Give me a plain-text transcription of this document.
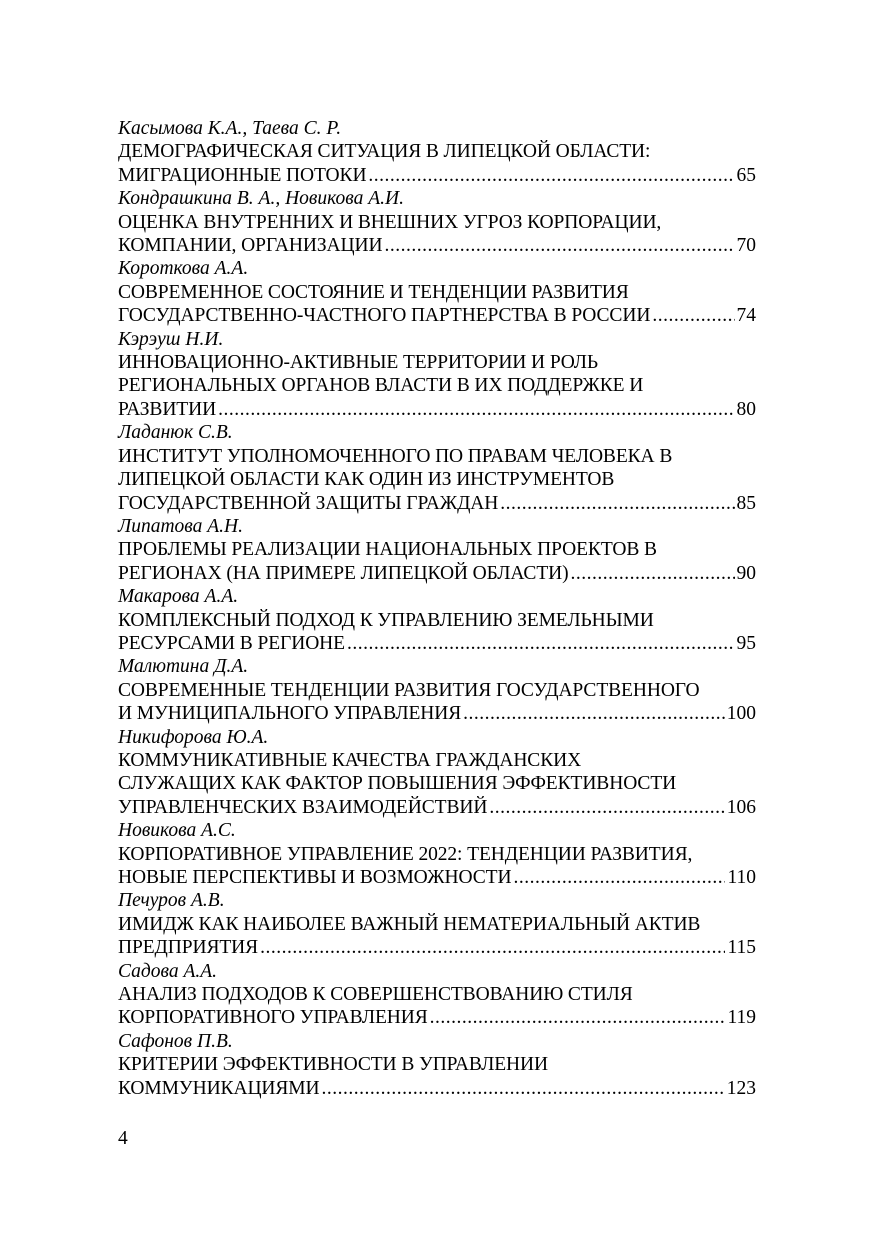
Касымова К.А., Таева С. Р.
ДЕМОГРАФИЧЕСКАЯ СИТУАЦИЯ В ЛИПЕЦКОЙ ОБЛАСТИ:
МИГРАЦИОННЫЕ ПОТОКИ .....	65
Кондрашкина В. А., Новикова А.И.
ОЦЕНКА ВНУТРЕННИХ И ВНЕШНИХ УГРОЗ КОРПОРАЦИИ,
КОМПАНИИ, ОРГАНИЗАЦИИ .....	70
Короткова А.А.
СОВРЕМЕННОЕ СОСТОЯНИЕ И ТЕНДЕНЦИИ РАЗВИТИЯ
ГОСУДАРСТВЕННО-ЧАСТНОГО ПАРТНЕРСТВА В РОССИИ .....	74
Кэрэуш Н.И.
ИННОВАЦИОННО-АКТИВНЫЕ ТЕРРИТОРИИ И РОЛЬ
РЕГИОНАЛЬНЫХ ОРГАНОВ ВЛАСТИ В ИХ ПОДДЕРЖКЕ И
РАЗВИТИИ .....	80
Ладанюк С.В.
ИНСТИТУТ УПОЛНОМОЧЕННОГО ПО ПРАВАМ ЧЕЛОВЕКА В
ЛИПЕЦКОЙ ОБЛАСТИ КАК ОДИН ИЗ ИНСТРУМЕНТОВ
ГОСУДАРСТВЕННОЙ ЗАЩИТЫ ГРАЖДАН .....	85
Липатова А.Н.
ПРОБЛЕМЫ РЕАЛИЗАЦИИ НАЦИОНАЛЬНЫХ ПРОЕКТОВ В
РЕГИОНАХ (НА ПРИМЕРЕ ЛИПЕЦКОЙ ОБЛАСТИ) .....	90
Макарова А.А.
КОМПЛЕКСНЫЙ ПОДХОД К УПРАВЛЕНИЮ ЗЕМЕЛЬНЫМИ
РЕСУРСАМИ В РЕГИОНЕ .....	95
Малютина Д.А.
СОВРЕМЕННЫЕ ТЕНДЕНЦИИ РАЗВИТИЯ ГОСУДАРСТВЕННОГО
И МУНИЦИПАЛЬНОГО УПРАВЛЕНИЯ .....	100
Никифорова Ю.А.
КОММУНИКАТИВНЫЕ КАЧЕСТВА ГРАЖДАНСКИХ
СЛУЖАЩИХ КАК ФАКТОР ПОВЫШЕНИЯ ЭФФЕКТИВНОСТИ
УПРАВЛЕНЧЕСКИХ ВЗАИМОДЕЙСТВИЙ .....	106
Новикова А.С.
КОРПОРАТИВНОЕ УПРАВЛЕНИЕ 2022: ТЕНДЕНЦИИ РАЗВИТИЯ,
НОВЫЕ ПЕРСПЕКТИВЫ И ВОЗМОЖНОСТИ .....	110
Печуров А.В.
ИМИДЖ КАК НАИБОЛЕЕ ВАЖНЫЙ НЕМАТЕРИАЛЬНЫЙ АКТИВ
ПРЕДПРИЯТИЯ .....	115
Садова А.А.
АНАЛИЗ ПОДХОДОВ К СОВЕРШЕНСТВОВАНИЮ СТИЛЯ
КОРПОРАТИВНОГО УПРАВЛЕНИЯ .....	119
Сафонов П.В.
КРИТЕРИИ ЭФФЕКТИВНОСТИ В УПРАВЛЕНИИ
КОММУНИКАЦИЯМИ .....	123
4
